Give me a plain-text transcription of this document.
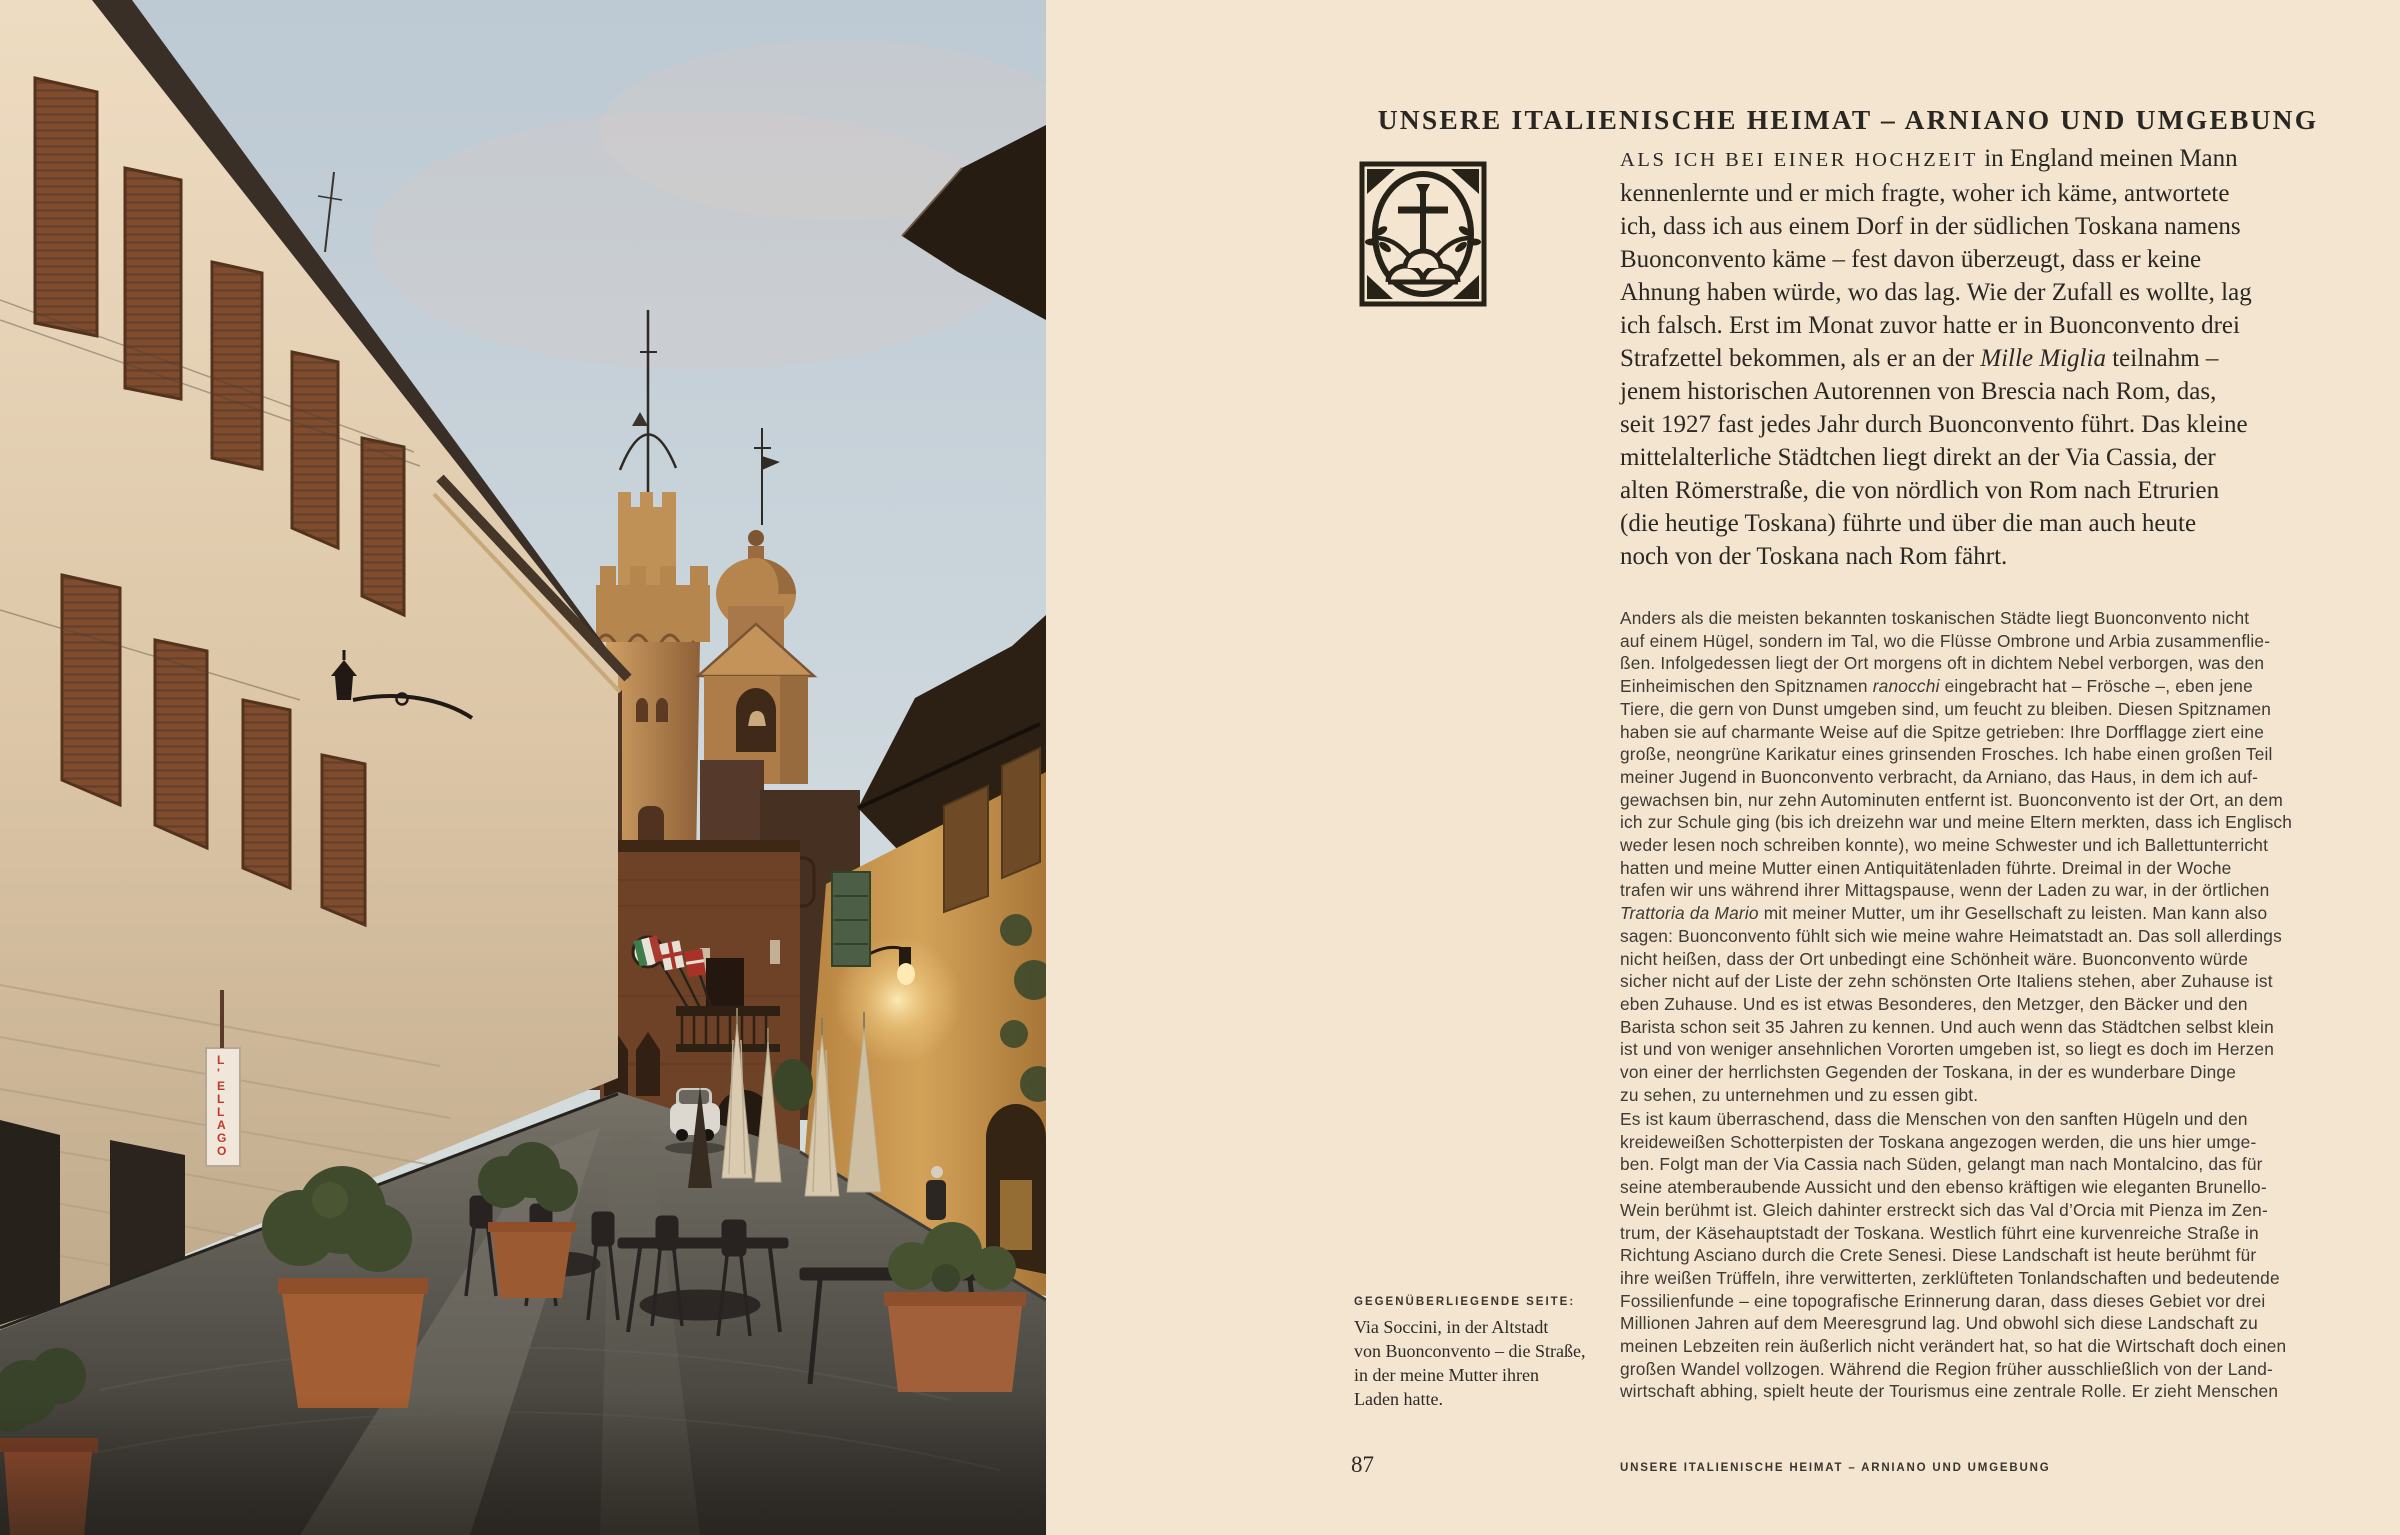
L ' E L L A G O
UNSERE ITALIENISCHE HEIMAT – ARNIANO UND UMGEBUNG
ALS ICH BEI EINER HOCHZEIT in England meinen Mann
kennenlernte und er mich fragte, woher ich käme, antwortete
ich, dass ich aus einem Dorf in der südlichen Toskana namens
Buonconvento käme – fest davon überzeugt, dass er keine
Ahnung haben würde, wo das lag. Wie der Zufall es wollte, lag
ich falsch. Erst im Monat zuvor hatte er in Buonconvento drei
Strafzettel bekommen, als er an der Mille Miglia teilnahm –
jenem historischen Autorennen von Brescia nach Rom, das,
seit 1927 fast jedes Jahr durch Buonconvento führt. Das kleine
mittelalterliche Städtchen liegt direkt an der Via Cassia, der
alten Römerstraße, die von nördlich von Rom nach Etrurien
(die heutige Toskana) führte und über die man auch heute
noch von der Toskana nach Rom fährt.
Anders als die meisten bekannten toskanischen Städte liegt Buonconvento nicht
auf einem Hügel, sondern im Tal, wo die Flüsse Ombrone und Arbia zusammenflie-
ßen. Infolgedessen liegt der Ort morgens oft in dichtem Nebel verborgen, was den
Einheimischen den Spitznamen ranocchi eingebracht hat – Frösche –, eben jene
Tiere, die gern von Dunst umgeben sind, um feucht zu bleiben. Diesen Spitznamen
haben sie auf charmante Weise auf die Spitze getrieben: Ihre Dorfflagge ziert eine
große, neongrüne Karikatur eines grinsenden Frosches. Ich habe einen großen Teil
meiner Jugend in Buonconvento verbracht, da Arniano, das Haus, in dem ich auf-
gewachsen bin, nur zehn Autominuten entfernt ist. Buonconvento ist der Ort, an dem
ich zur Schule ging (bis ich dreizehn war und meine Eltern merkten, dass ich Englisch
weder lesen noch schreiben konnte), wo meine Schwester und ich Ballettunterricht
hatten und meine Mutter einen Antiquitätenladen führte. Dreimal in der Woche
trafen wir uns während ihrer Mittagspause, wenn der Laden zu war, in der örtlichen
Trattoria da Mario mit meiner Mutter, um ihr Gesellschaft zu leisten. Man kann also
sagen: Buonconvento fühlt sich wie meine wahre Heimatstadt an. Das soll allerdings
nicht heißen, dass der Ort unbedingt eine Schönheit wäre. Buonconvento würde
sicher nicht auf der Liste der zehn schönsten Orte Italiens stehen, aber Zuhause ist
eben Zuhause. Und es ist etwas Besonderes, den Metzger, den Bäcker und den
Barista schon seit 35 Jahren zu kennen. Und auch wenn das Städtchen selbst klein
ist und von weniger ansehnlichen Vororten umgeben ist, so liegt es doch im Herzen
von einer der herrlichsten Gegenden der Toskana, in der es wunderbare Dinge
zu sehen, zu unternehmen und zu essen gibt.
Es ist kaum überraschend, dass die Menschen von den sanften Hügeln und den
kreideweißen Schotterpisten der Toskana angezogen werden, die uns hier umge-
ben. Folgt man der Via Cassia nach Süden, gelangt man nach Montalcino, das für
seine atemberaubende Aussicht und den ebenso kräftigen wie eleganten Brunello-
Wein berühmt ist. Gleich dahinter erstreckt sich das Val d’Orcia mit Pienza im Zen-
trum, der Käsehauptstadt der Toskana. Westlich führt eine kurvenreiche Straße in
Richtung Asciano durch die Crete Senesi. Diese Landschaft ist heute berühmt für
ihre weißen Trüffeln, ihre verwitterten, zerklüfteten Tonlandschaften und bedeutende
Fossilienfunde – eine topografische Erinnerung daran, dass dieses Gebiet vor drei
Millionen Jahren auf dem Meeresgrund lag. Und obwohl sich diese Landschaft zu
meinen Lebzeiten rein äußerlich nicht verändert hat, so hat die Wirtschaft doch einen
großen Wandel vollzogen. Während die Region früher ausschließlich von der Land-
wirtschaft abhing, spielt heute der Tourismus eine zentrale Rolle. Er zieht Menschen
GEGENÜBERLIEGENDE SEITE:
Via Soccini, in der Altstadt
von Buonconvento – die Straße,
in der meine Mutter ihren
Laden hatte.
87	UNSERE ITALIENISCHE HEIMAT – ARNIANO UND UMGEBUNG
